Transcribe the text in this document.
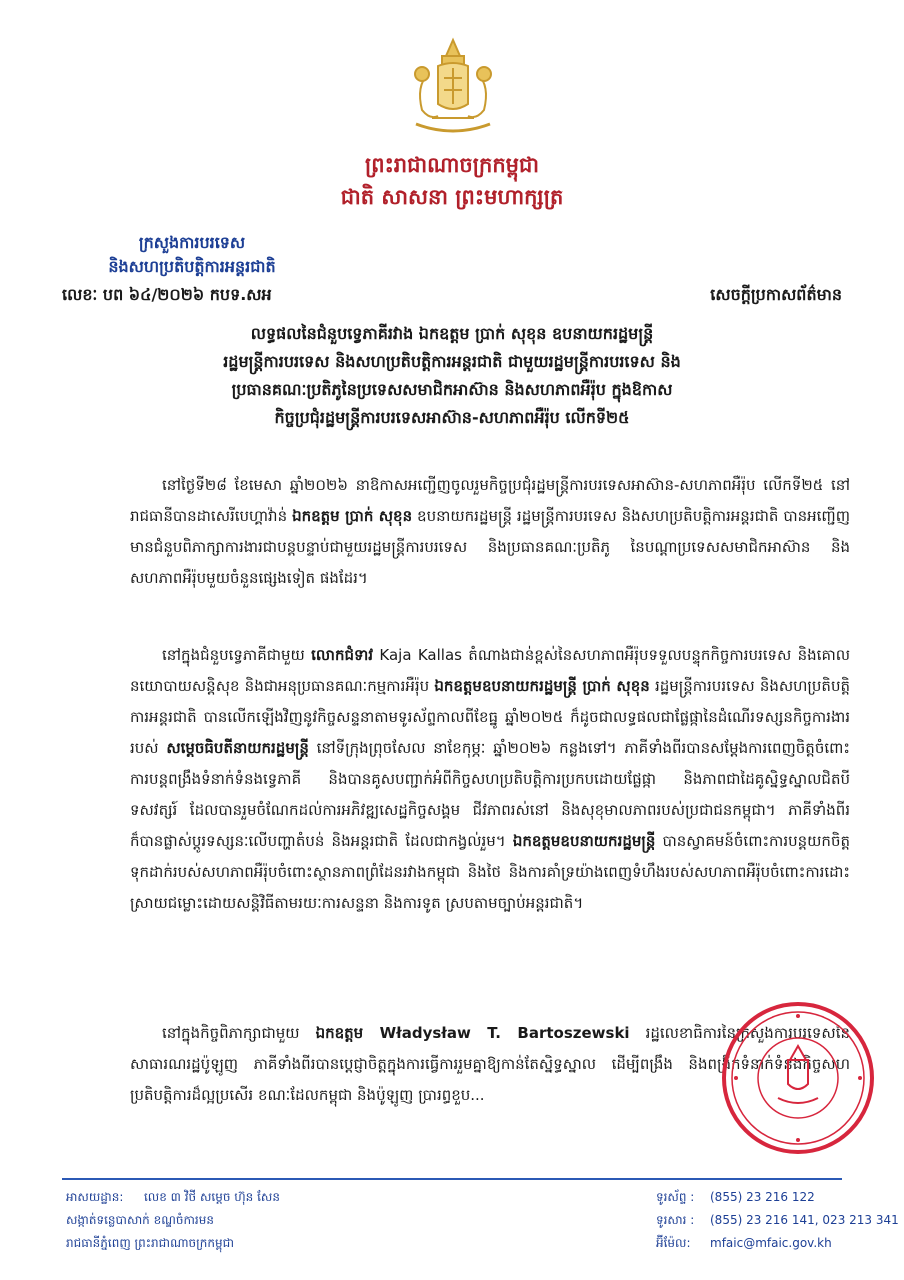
ព្រះរាជាណាចក្រកម្ពុជា
ជាតិ សាសនា ព្រះមហាក្សត្រ
ក្រសួងការបរទេស
និងសហប្រតិបត្តិការអន្តរជាតិ
លេខៈ បព ៦៤/២០២៦ កបទ.សអ	សេចក្តីប្រកាសព័ត៌មាន
លទ្ធផលនៃជំនួបទ្វេភាគីរវាង ឯកឧត្តម ប្រាក់ សុខុន ឧបនាយករដ្ឋមន្ត្រី
រដ្ឋមន្ត្រីការបរទេស និងសហប្រតិបត្តិការអន្តរជាតិ ជាមួយរដ្ឋមន្ត្រីការបរទេស និង
ប្រធានគណៈប្រតិភូនៃប្រទេសសមាជិកអាស៊ាន និងសហភាពអឺរ៉ុប ក្នុងឱកាស
កិច្ចប្រជុំរដ្ឋមន្ត្រីការបរទេសអាស៊ាន-សហភាពអឺរ៉ុប លើកទី២៥
នៅថ្ងៃទី២៨ ខែមេសា ឆ្នាំ២០២៦ នាឱកាសអញ្ជើញចូលរួមកិច្ចប្រជុំរដ្ឋមន្ត្រីការបរទេសអាស៊ាន-សហភាពអឺរ៉ុប លើកទី២៥ នៅរាជធានីបានដាសេរីបេហ្គាវ៉ាន់ ឯកឧត្តម ប្រាក់ សុខុន ឧបនាយករដ្ឋមន្ត្រី រដ្ឋមន្ត្រីការបរទេស និងសហប្រតិបត្តិការអន្តរជាតិ បានអញ្ជើញមានជំនួបពិភាក្សាការងារជាបន្តបន្ទាប់ជាមួយរដ្ឋមន្ត្រីការបរទេស និងប្រធានគណៈប្រតិភូ នៃបណ្តាប្រទេសសមាជិកអាស៊ាន និងសហភាពអឺរ៉ុបមួយចំនួនផ្សេងទៀត ផងដែរ។
នៅក្នុងជំនួបទ្វេភាគីជាមួយ លោកជំទាវ Kaja Kallas តំណាងជាន់ខ្ពស់នៃសហភាពអឺរ៉ុបទទួលបន្ទុកកិច្ចការបរទេស និងគោលនយោបាយសន្តិសុខ និងជាអនុប្រធានគណៈកម្មការអឺរ៉ុប ឯកឧត្តមឧបនាយករដ្ឋមន្ត្រី ប្រាក់ សុខុន រដ្ឋមន្ត្រីការបរទេស និងសហប្រតិបត្តិការអន្តរជាតិ បានលើកឡើងវិញនូវកិច្ចសន្ទនាតាមទូរស័ព្ទកាលពីខែធ្នូ ឆ្នាំ២០២៥ ក៏ដូចជាលទ្ធផលជាផ្លែផ្កានៃដំណើរទស្សនកិច្ចការងាររបស់ សម្តេចធិបតីនាយករដ្ឋមន្ត្រី នៅទីក្រុងព្រុចសែល នាខែកុម្ភៈ ឆ្នាំ២០២៦ កន្លងទៅ។ ភាគីទាំងពីរបានសម្តែងការពេញចិត្តចំពោះការបន្តពង្រឹងទំនាក់ទំនងទ្វេភាគី និងបានគូសបញ្ជាក់អំពីកិច្ចសហប្រតិបត្តិការប្រកបដោយផ្លែផ្កា និងភាពជាដៃគូស្និទ្ធស្នាលជិតបីទសវត្សរ៍ ដែលបានរួមចំណែកដល់ការអភិវឌ្ឍសេដ្ឋកិច្ចសង្គម ជីវភាពរស់នៅ និងសុខុមាលភាពរបស់ប្រជាជនកម្ពុជា។ ភាគីទាំងពីរក៏បានផ្លាស់ប្តូរទស្សនៈលើបញ្ហាតំបន់ និងអន្តរជាតិ ដែលជាកង្វល់រួម។ ឯកឧត្តមឧបនាយករដ្ឋមន្ត្រី បានស្វាគមន៍ចំពោះការបន្តយកចិត្តទុកដាក់របស់សហភាពអឺរ៉ុបចំពោះស្ថានភាពព្រំដែនរវាងកម្ពុជា និងថៃ និងការគាំទ្រយ៉ាងពេញទំហឹងរបស់សហភាពអឺរ៉ុបចំពោះការដោះស្រាយជម្លោះដោយសន្តិវិធីតាមរយៈការសន្ទនា និងការទូត ស្របតាមច្បាប់អន្តរជាតិ។
នៅក្នុងកិច្ចពិភាក្សាជាមួយ ឯកឧត្តម Władysław T. Bartoszewski រដ្ឋលេខាធិការនៃក្រសួងការបរទេសនៃសាធារណរដ្ឋប៉ូឡូញ ភាគីទាំងពីរបានប្តេជ្ញាចិត្តក្នុងការធ្វើការរួមគ្នាឱ្យកាន់តែស្និទ្ធស្នាល ដើម្បីពង្រឹង និងពង្រីកទំនាក់ទំនងកិច្ចសហប្រតិបត្តិការដ៏ល្អប្រសើរ ខណៈដែលកម្ពុជា និងប៉ូឡូញ ប្រារព្ធខួប...
អាសយដ្ឋាន:	លេខ ៣ វិថី សម្តេច ហ៊ុន សែន
សង្កាត់ទន្លេបាសាក់ ខណ្ឌចំការមន
រាជធានីភ្នំពេញ ព្រះរាជាណាចក្រកម្ពុជា
ទូរស័ព្ទ :	(855) 23 216 122
ទូរសារ :	(855) 23 216 141, 023 213 341
អ៊ីម៉ែល:	mfaic@mfaic.gov.kh
